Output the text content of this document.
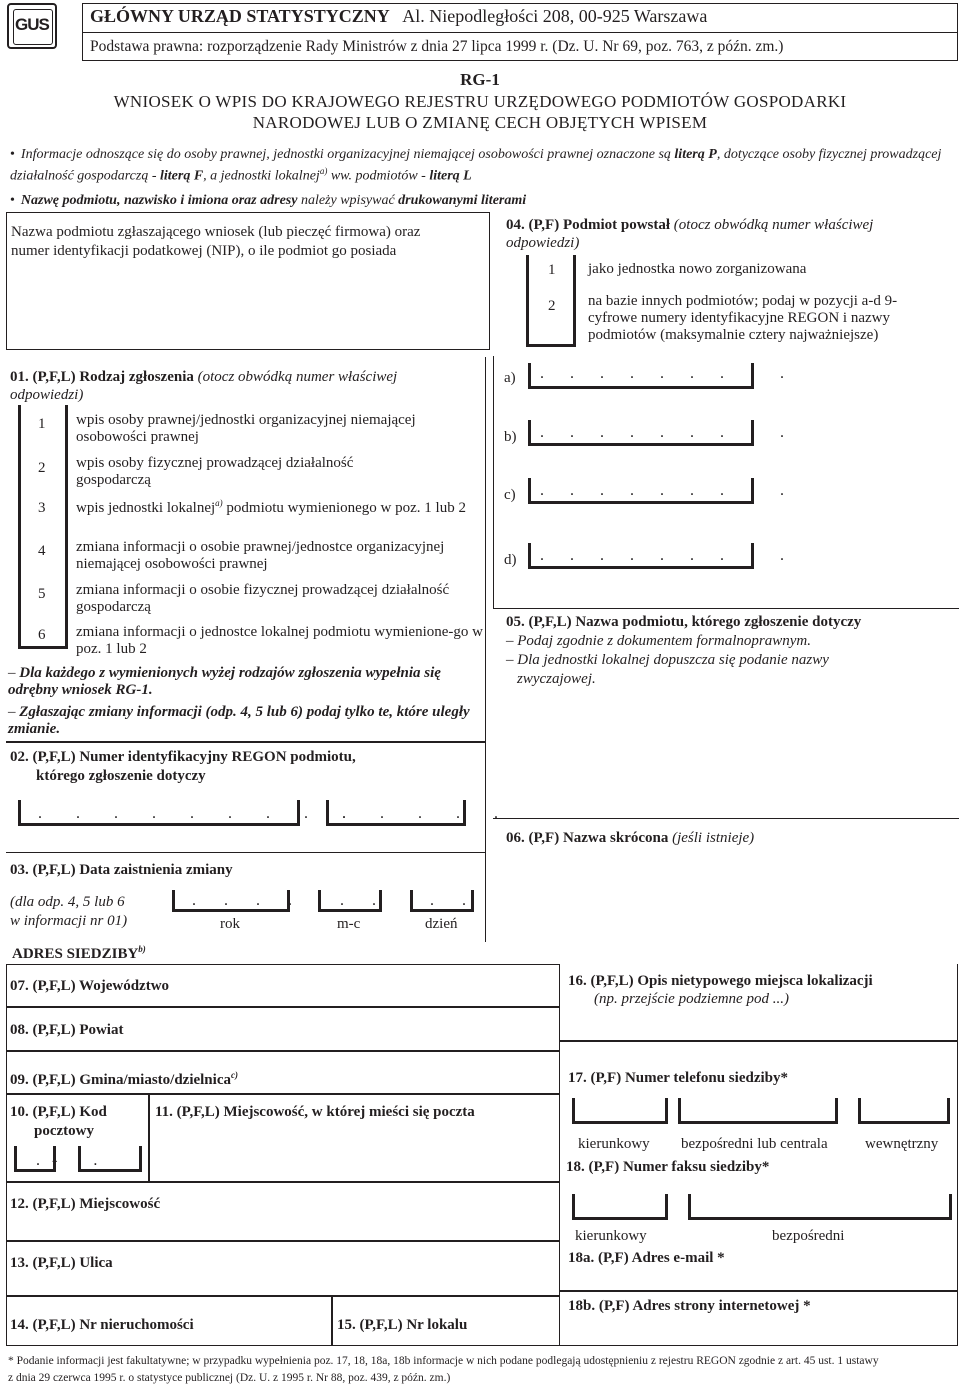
GUS GŁÓWNY URZĄD STATYSTYCZNY Al. Niepodległości 208, 00-925 Warszawa
Podstawa prawna: rozporządzenie Rady Ministrów z dnia 27 lipca 1999 r. (Dz. U. Nr 69, poz. 763, z późn. zm.)
RG-1
WNIOSEK O WPIS DO KRAJOWEGO REJESTRU URZĘDOWEGO PODMIOTÓW GOSPODARKI
NARODOWEJ LUB O ZMIANĘ CECH OBJĘTYCH WPISEM
• Informacje odnoszące się do osoby prawnej, jednostki organizacyjnej niemającej osobowości prawnej oznaczone są literą P, dotyczące osoby fizycznej prowadzącej działalność gospodarczą - literą F, a jednostki lokalnej$^{a)}$ ww. podmiotów - literą L
• Nazwę podmiotu, nazwisko i imiona oraz adresy należy wpisywać drukowanymi literami
Nazwa podmiotu zgłaszającego wniosek (lub pieczęć firmowa) oraz numer identyfikacji podatkowej (NIP), o ile podmiot go posiada
04. (P,F) Podmiot powstał (otocz obwódką numer właściwej odpowiedzi)
1 jako jednostka nowo zorganizowana
2 na bazie innych podmiotów; podaj w pozycji a-d 9-cyfrowe numery identyfikacyjne REGON i nazwy podmiotów (maksymalnie cztery najważniejsze)
a) . . . . . . . . .
b) . . . . . . . . .
c) . . . . . . . . .
d) . . . . . . . . .
01. (P,F,L) Rodzaj zgłoszenia (otocz obwódką numer właściwej odpowiedzi)
1 wpis osoby prawnej/jednostki organizacyjnej niemającej osobowości prawnej
2 wpis osoby fizycznej prowadzącej działalność gospodarczą
3 wpis jednostki lokalnej$^{a)}$ podmiotu wymienionego w poz. 1 lub 2
4 zmiana informacji o osobie prawnej/jednostce organizacyjnej niemającej osobowości prawnej
5 zmiana informacji o osobie fizycznej prowadzącej działalność gospodarczą
6 zmiana informacji o jednostce lokalnej podmiotu wymienione-go w poz. 1 lub 2
– Dla każdego z wymienionych wyżej rodzajów zgłoszenia wypełnia się odrębny wniosek RG-1.
– Zgłaszając zmiany informacji (odp. 4, 5 lub 6) podaj tylko te, które uległy zmianie.
05. (P,F,L) Nazwa podmiotu, którego zgłoszenie dotyczy
– Podaj zgodnie z dokumentem formalnoprawnym.
– Dla jednostki lokalnej dopuszcza się podanie nazwy
zwyczajowej.
02. (P,F,L) Numer identyfikacyjny REGON podmiotu,
którego zgłoszenie dotyczy
. . . . . . . . .
. . . . .
06. (P,F) Nazwa skrócona (jeśli istnieje)
03. (P,F,L) Data zaistnienia zmiany
(dla odp. 4, 5 lub 6
w informacji nr 01)
. . . . . .	. .
rok	m-c	dzień
ADRES SIEDZIBY$^{b)}$
07. (P,F,L) Województwo
08. (P,F,L) Powiat
09. (P,F,L) Gmina/miasto/dzielnica$^{c)}$
10. (P,F,L) Kod
pocztowy
. -  . .
11. (P,F,L) Miejscowość, w której mieści się poczta
12. (P,F,L) Miejscowość
13. (P,F,L) Ulica
14. (P,F,L) Nr nieruchomości	15. (P,F,L) Nr lokalu
16. (P,F,L) Opis nietypowego miejsca lokalizacji
(np. przejście podziemne pod ...)
17. (P,F) Numer telefonu siedziby*
kierunkowy bezpośredni lub centrala wewnętrzny
18. (P,F) Numer faksu siedziby*
kierunkowy	bezpośredni
18a. (P,F) Adres e-mail *
18b. (P,F) Adres strony internetowej *
* Podanie informacji jest fakultatywne; w przypadku wypełnienia poz. 17, 18, 18a, 18b informacje w nich podane podlegają udostępnieniu z rejestru REGON zgodnie z art. 45 ust. 1 ustawy
z dnia 29 czerwca 1995 r. o statystyce publicznej (Dz. U. z 1995 r. Nr 88, poz. 439, z późn. zm.)
